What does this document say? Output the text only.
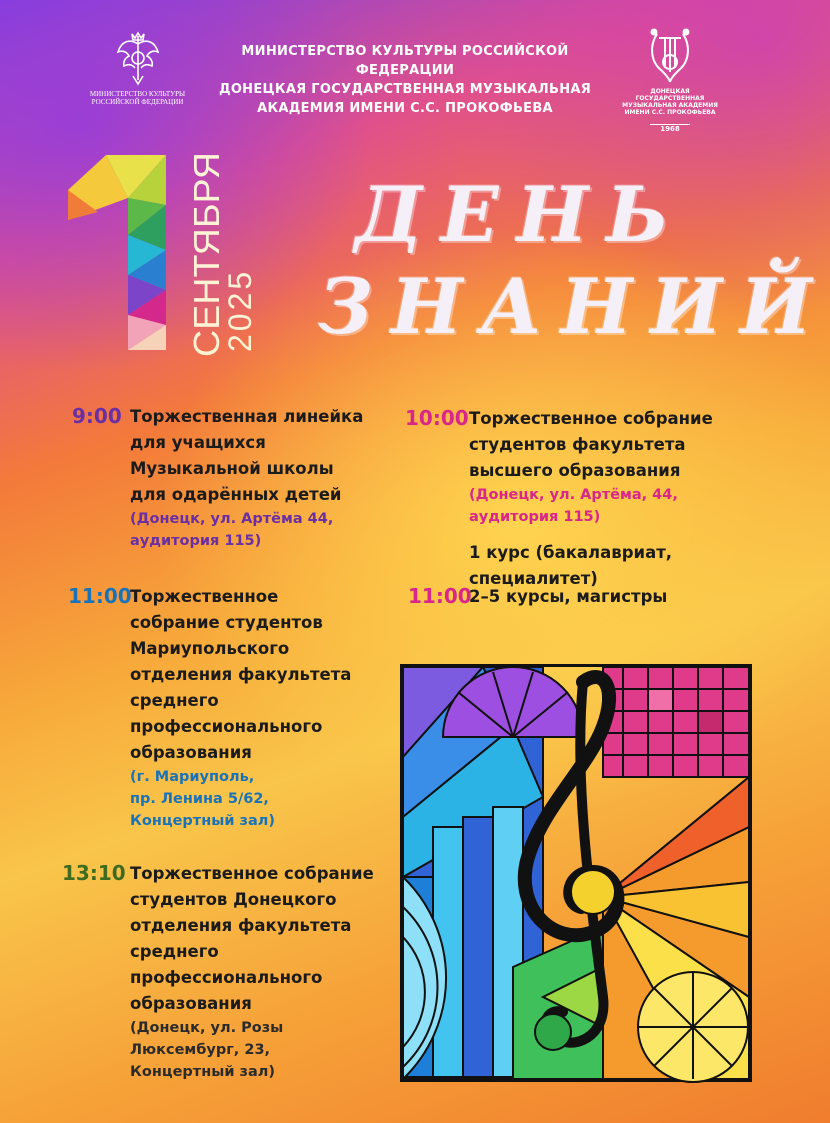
МИНИСТЕРСТВО КУЛЬТУРЫ
РОССИЙСКОЙ ФЕДЕРАЦИИ
МИНИСТЕРСТВО КУЛЬТУРЫ РОССИЙСКОЙ ФЕДЕРАЦИИ
ДОНЕЦКАЯ ГОСУДАРСТВЕННАЯ МУЗЫКАЛЬНАЯ
АКАДЕМИЯ ИМЕНИ С.С. ПРОКОФЬЕВА
ДОНЕЦКАЯ ГОСУДАРСТВЕННАЯ
МУЗЫКАЛЬНАЯ АКАДЕМИЯ
ИМЕНИ С.С. ПРОКОФЬЕВА
1968
1
СЕНТЯБРЯ
2025
ДЕНЬ
ЗНАНИЙ
9:00 Торжественная линейка
для учащихся
Музыкальной школы
для одарённых детей
(Донецк, ул. Артёма 44,
аудитория 115)
11:00
Торжественное
собрание студентов
Мариупольского
отделения факультета
среднего
профессионального
образования
(г. Мариуполь,
пр. Ленина 5/62,
Концертный зал)
13:10 Торжественное собрание
студентов Донецкого
отделения факультета
среднего
профессионального
образования
(Донецк, ул. Розы
Люксембург, 23,
Концертный зал)
10:00 Торжественное собрание
студентов факультета
высшего образования
(Донецк, ул. Артёма, 44,
аудитория 115)
1 курс (бакалавриат,
специалитет)
11:00
2–5 курсы, магистры
